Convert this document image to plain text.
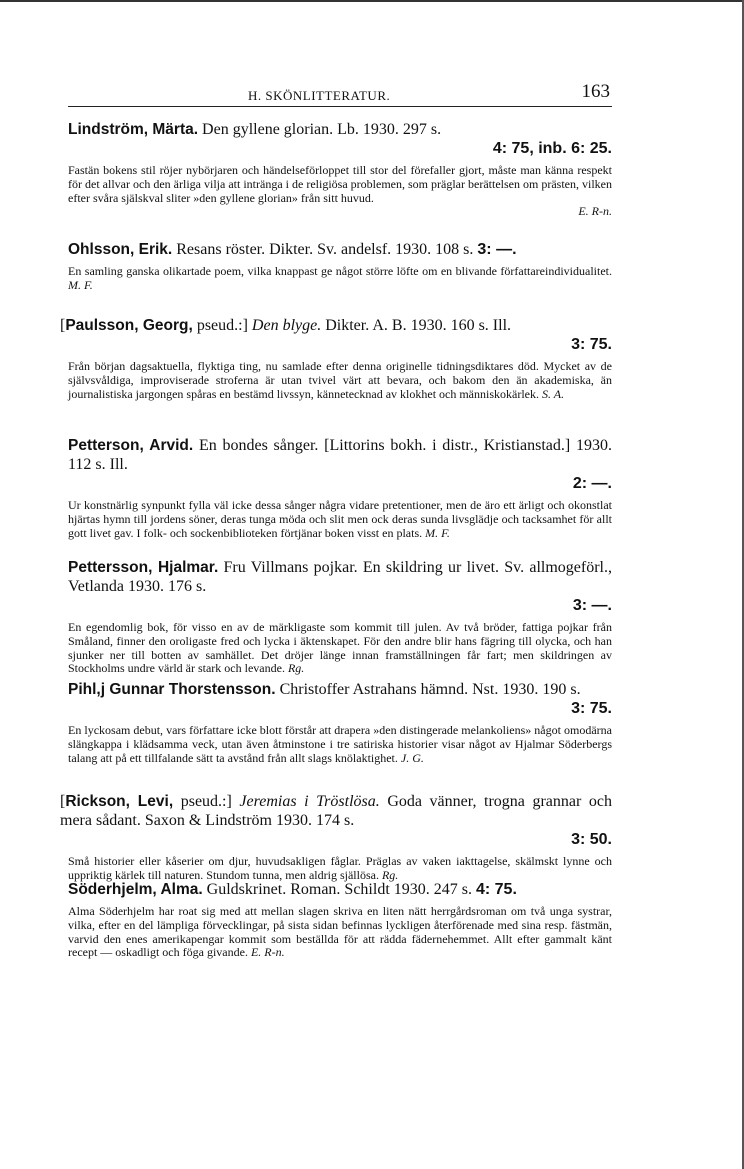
H. SKÖNLITTERATUR.	163

Lindström, Märta. Den gyllene glorian. Lb. 1930. 297 s.
4: 75, inb. 6: 25.

Fastän bokens stil röjer nybörjaren och händelseförloppet till stor del förefaller gjort, måste man känna respekt för det allvar och den ärliga vilja att intränga i de religiösa problemen, som präglar berättelsen om prästen, vilken efter svåra själskval sliter »den gyllene glorian» från sitt huvud.
E. R-n.

Ohlsson, Erik. Resans röster. Dikter. Sv. andelsf. 1930. 108 s. 3: —.

En samling ganska olikartade poem, vilka knappast ge något större löfte om en blivande författareindividualitet. M. F.

[Paulsson, Georg, pseud.:] Den blyge. Dikter. A. B. 1930. 160 s. Ill.
3: 75.

Från början dagsaktuella, flyktiga ting, nu samlade efter denna originelle tidningsdiktares död. Mycket av de självsvåldiga, improviserade stroferna är utan tvivel värt att bevara, och bakom den än akademiska, än journalistiska jargongen spåras en bestämd livssyn, kännetecknad av klokhet och människokärlek. S. A.

Petterson, Arvid. En bondes sånger. [Littorins bokh. i distr., Kristianstad.] 1930. 112 s. Ill.
2: —.

Ur konstnärlig synpunkt fylla väl icke dessa sånger några vidare pretentioner, men de äro ett ärligt och okonstlat hjärtas hymn till jordens söner, deras tunga möda och slit men ock deras sunda livsglädje och tacksamhet för allt gott livet gav. I folk- och sockenbiblioteken förtjänar boken visst en plats. M. F.

Pettersson, Hjalmar. Fru Villmans pojkar. En skildring ur livet. Sv. allmogeförl., Vetlanda 1930. 176 s.
3: —.

En egendomlig bok, för visso en av de märkligaste som kommit till julen. Av två bröder, fattiga pojkar från Småland, finner den oroligaste fred och lycka i äktenskapet. För den andre blir hans fägring till olycka, och han sjunker ner till botten av samhället. Det dröjer länge innan framställningen får fart; men skildringen av Stockholms undre värld är stark och levande. Rg.

Pihl,j Gunnar Thorstensson. Christoffer Astrahans hämnd. Nst. 1930. 190 s.
3: 75.

En lyckosam debut, vars författare icke blott förstår att drapera »den distingerade melankoliens» något omodärna slängkappa i klädsamma veck, utan även åtminstone i tre satiriska historier visar något av Hjalmar Söderbergs talang att på ett tillfalande sätt ta avstånd från allt slags knölaktighet. J. G.

[Rickson, Levi, pseud.:] Jeremias i Tröstlösa. Goda vänner, trogna grannar och mera sådant. Saxon & Lindström 1930. 174 s.
3: 50.

Små historier eller kåserier om djur, huvudsakligen fåglar. Präglas av vaken iakttagelse, skälmskt lynne och uppriktig kärlek till naturen. Stundom tunna, men aldrig själlösa. Rg.

Söderhjelm, Alma. Guldskrinet. Roman. Schildt 1930. 247 s. 4: 75.

Alma Söderhjelm har roat sig med att mellan slagen skriva en liten nätt herrgårdsroman om två unga systrar, vilka, efter en del lämpliga förvecklingar, på sista sidan befinnas lyckligen återförenade med sina resp. fästmän, varvid den enes amerikapengar kommit som beställda för att rädda fädernehemmet. Allt efter gammalt känt recept — oskadligt och föga givande. E. R-n.
